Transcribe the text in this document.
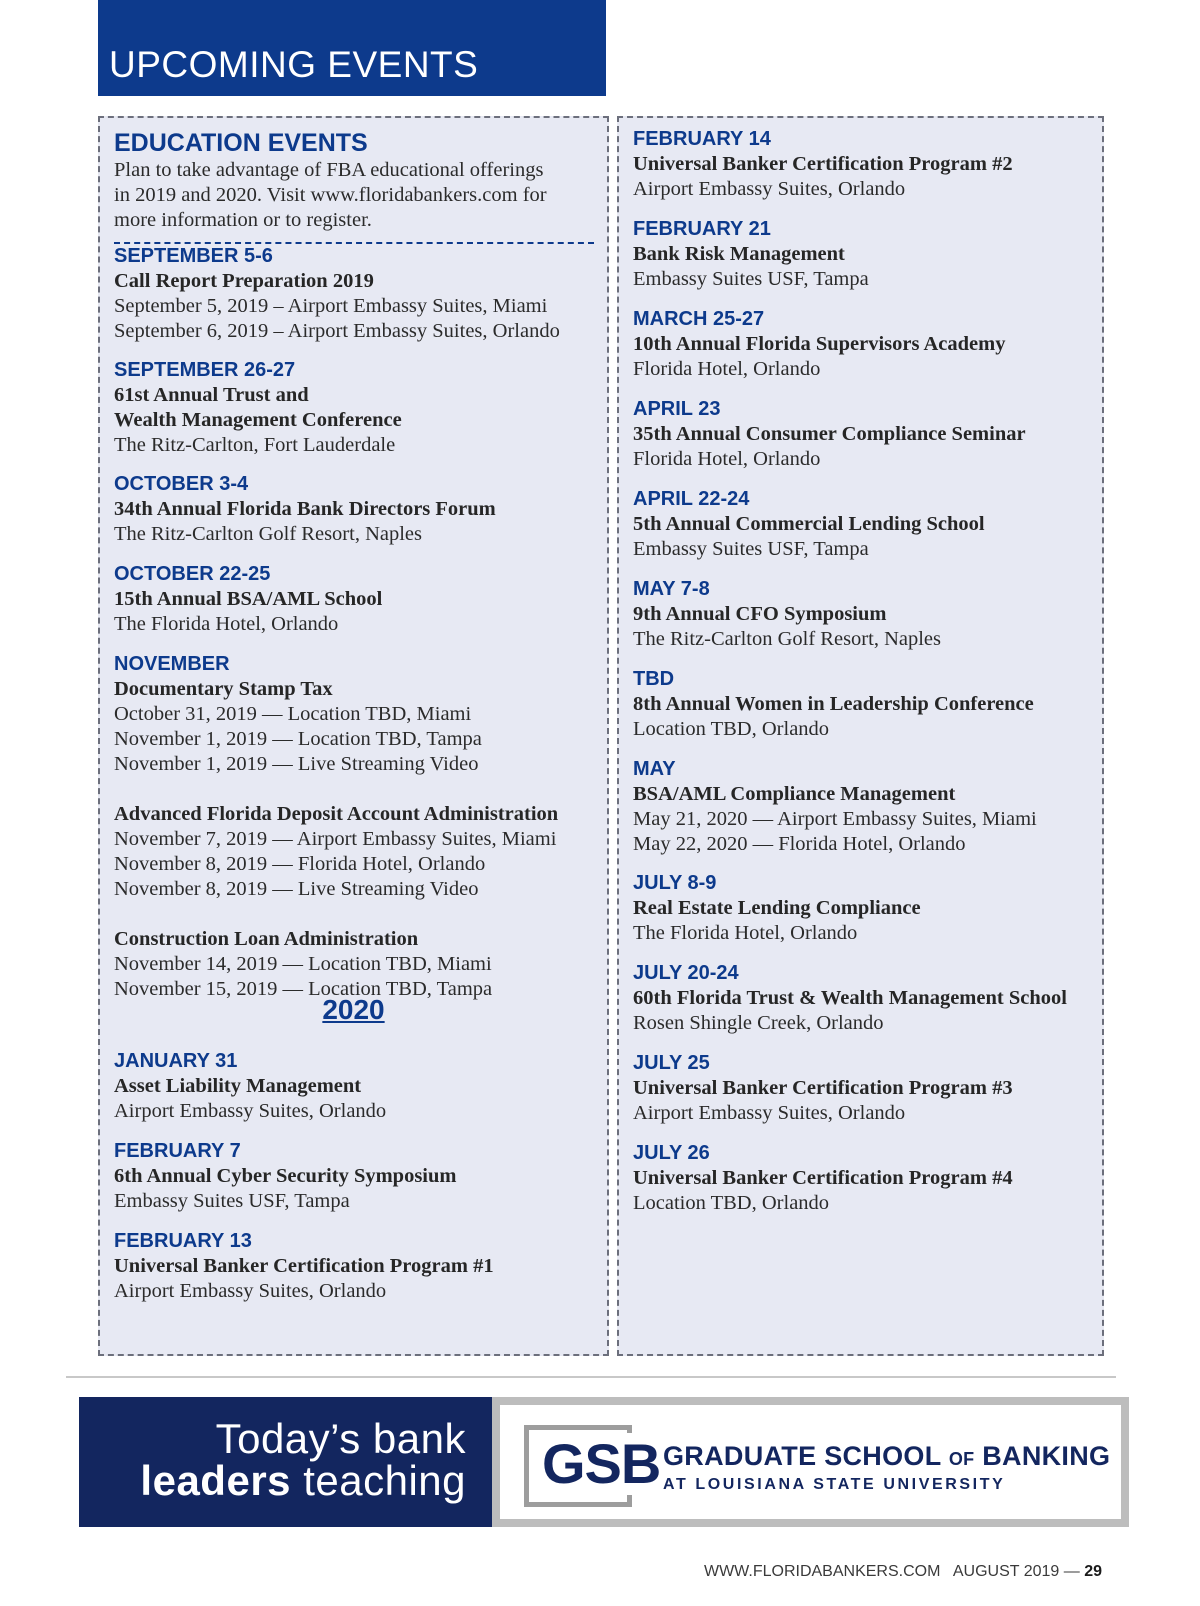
UPCOMING EVENTS
EDUCATION EVENTS
Plan to take advantage of FBA educational offerings
in 2019 and 2020. Visit www.floridabankers.com for
more information or to register.
SEPTEMBER 5-6
Call Report Preparation 2019
September 5, 2019 – Airport Embassy Suites, Miami
September 6, 2019 – Airport Embassy Suites, Orlando
SEPTEMBER 26-27
61st Annual Trust and
Wealth Management Conference
The Ritz-Carlton, Fort Lauderdale
OCTOBER 3-4
34th Annual Florida Bank Directors Forum
The Ritz-Carlton Golf Resort, Naples
OCTOBER 22-25
15th Annual BSA/AML School
The Florida Hotel, Orlando
NOVEMBER
Documentary Stamp Tax
October 31, 2019 — Location TBD, Miami
November 1, 2019 — Location TBD, Tampa
November 1, 2019 — Live Streaming Video
Advanced Florida Deposit Account Administration
November 7, 2019 — Airport Embassy Suites, Miami
November 8, 2019 — Florida Hotel, Orlando
November 8, 2019 — Live Streaming Video
Construction Loan Administration
November 14, 2019 — Location TBD, Miami
November 15, 2019 — Location TBD, Tampa
2020
JANUARY 31
Asset Liability Management
Airport Embassy Suites, Orlando
FEBRUARY 7
6th Annual Cyber Security Symposium
Embassy Suites USF, Tampa
FEBRUARY 13
Universal Banker Certification Program #1
Airport Embassy Suites, Orlando
FEBRUARY 14
Universal Banker Certification Program #2
Airport Embassy Suites, Orlando
FEBRUARY 21
Bank Risk Management
Embassy Suites USF, Tampa
MARCH 25-27
10th Annual Florida Supervisors Academy
Florida Hotel, Orlando
APRIL 23
35th Annual Consumer Compliance Seminar
Florida Hotel, Orlando
APRIL 22-24
5th Annual Commercial Lending School
Embassy Suites USF, Tampa
MAY 7-8
9th Annual CFO Symposium
The Ritz-Carlton Golf Resort, Naples
TBD
8th Annual Women in Leadership Conference
Location TBD, Orlando
MAY
BSA/AML Compliance Management
May 21, 2020 — Airport Embassy Suites, Miami
May 22, 2020 — Florida Hotel, Orlando
JULY 8-9
Real Estate Lending Compliance
The Florida Hotel, Orlando
JULY 20-24
60th Florida Trust & Wealth Management School
Rosen Shingle Creek, Orlando
JULY 25
Universal Banker Certification Program #3
Airport Embassy Suites, Orlando
JULY 26
Universal Banker Certification Program #4
Location TBD, Orlando
Today’s bank
leaders teaching GSB GRADUATE SCHOOL OF BANKING
AT LOUISIANA STATE UNIVERSITY
WWW.FLORIDABANKERS.COM AUGUST 2019 — 29
